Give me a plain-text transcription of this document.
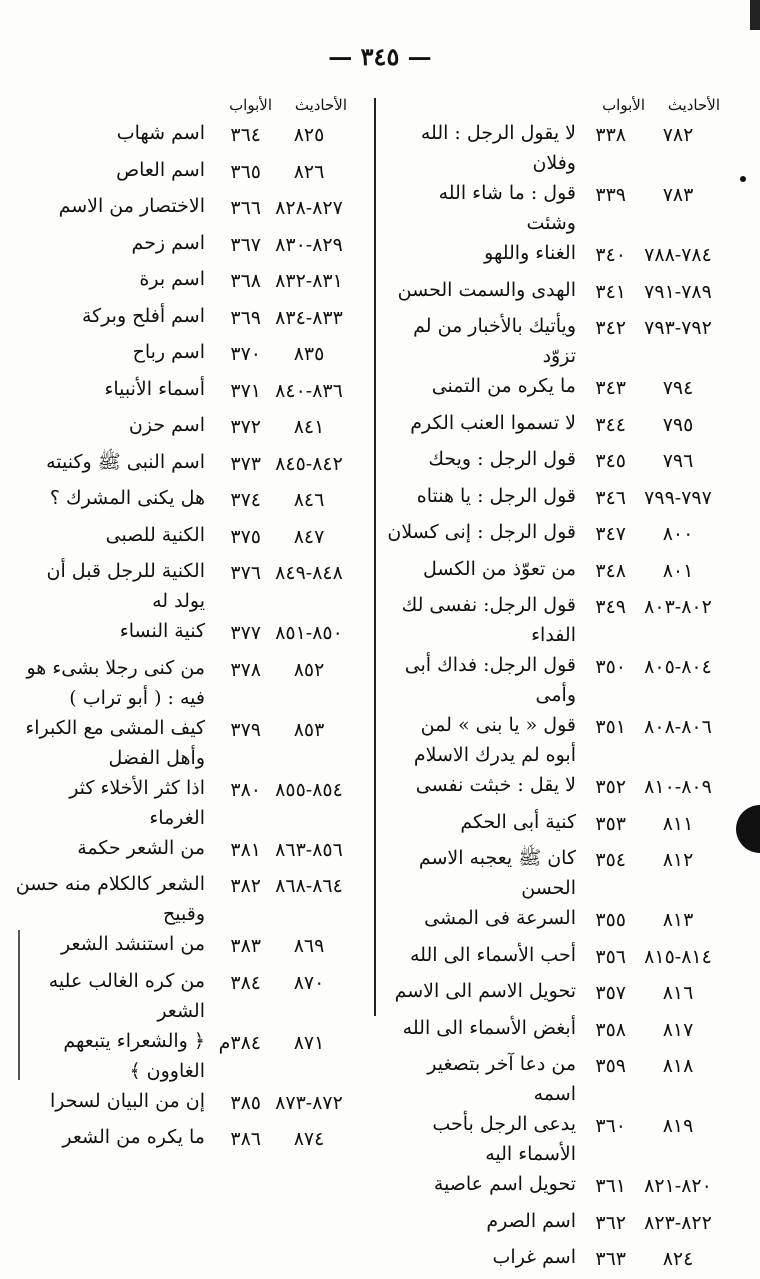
— ٣٤٥ —
الأحاديث
الأبواب
٧٨٢
٣٣٨
لا يقول الرجل : الله وفلان
٧٨٣
٣٣٩
قول : ما شاء الله وشئت
٧٨٤-٧٨٨
٣٤٠
الغناء واللهو
٧٨٩-٧٩١
٣٤١
الهدى والسمت الحسن
٧٩٢-٧٩٣
٣٤٢
ويأتيك بالأخبار من لم تزوّد
٧٩٤
٣٤٣
ما يكره من التمنى
٧٩٥
٣٤٤
لا تسموا العنب الكرم
٧٩٦
٣٤٥
قول الرجل : ويحك
٧٩٧-٧٩٩
٣٤٦
قول الرجل : يا هنتاه
٨٠٠
٣٤٧
قول الرجل : إنى كسلان
٨٠١
٣٤٨
من تعوّذ من الكسل
٨٠٢-٨٠٣
٣٤٩
قول الرجل: نفسى لك الفداء
٨٠٤-٨٠٥
٣٥٠
قول الرجل: فداك أبى وأمى
٨٠٦-٨٠٨
٣٥١
قول « يا بنى » لمن أبوه لم يدرك الاسلام
٨٠٩-٨١٠
٣٥٢
لا يقل : خبثت نفسى
٨١١
٣٥٣
كنية أبى الحكم
٨١٢
٣٥٤
كان ﷺ يعجبه الاسم الحسن
٨١٣
٣٥٥
السرعة فى المشى
٨١٤-٨١٥
٣٥٦
أحب الأسماء الى الله
٨١٦
٣٥٧
تحويل الاسم الى الاسم
٨١٧
٣٥٨
أبغض الأسماء الى الله
٨١٨
٣٥٩
من دعا آخر بتصغير اسمه
٨١٩
٣٦٠
يدعى الرجل بأحب الأسماء اليه
٨٢٠-٨٢١
٣٦١
تحويل اسم عاصية
٨٢٢-٨٢٣
٣٦٢
اسم الصرم
٨٢٤
٣٦٣
اسم غراب
الأحاديث
الأبواب
٨٢٥
٣٦٤
اسم شهاب
٨٢٦
٣٦٥
اسم العاص
٨٢٧-٨٢٨
٣٦٦
الاختصار من الاسم
٨٢٩-٨٣٠
٣٦٧
اسم زحم
٨٣١-٨٣٢
٣٦٨
اسم برة
٨٣٣-٨٣٤
٣٦٩
اسم أفلح وبركة
٨٣٥
٣٧٠
اسم رباح
٨٣٦-٨٤٠
٣٧١
أسماء الأنبياء
٨٤١
٣٧٢
اسم حزن
٨٤٢-٨٤٥
٣٧٣
اسم النبى ﷺ وكنيته
٨٤٦
٣٧٤
هل يكنى المشرك ؟
٨٤٧
٣٧٥
الكنية للصبى
٨٤٨-٨٤٩
٣٧٦
الكنية للرجل قبل أن يولد له
٨٥٠-٨٥١
٣٧٧
كنية النساء
٨٥٢
٣٧٨
من كنى رجلا بشىء هو فيه : ( أبو تراب )
٨٥٣
٣٧٩
كيف المشى مع الكبراء وأهل الفضل
٨٥٤-٨٥٥
٣٨٠
اذا كثر الأخلاء كثر الغرماء
٨٥٦-٨٦٣
٣٨١
من الشعر حكمة
٨٦٤-٨٦٨
٣٨٢
الشعر كالكلام منه حسن وقبيح
٨٦٩
٣٨٣
من استنشد الشعر
٨٧٠
٣٨٤
من كره الغالب عليه الشعر
٨٧١
٣٨٤م
﴿ والشعراء يتبعهم الغاوون ﴾
٨٧٢-٨٧٣
٣٨٥
إن من البيان لسحرا
٨٧٤
٣٨٦
ما يكره من الشعر
